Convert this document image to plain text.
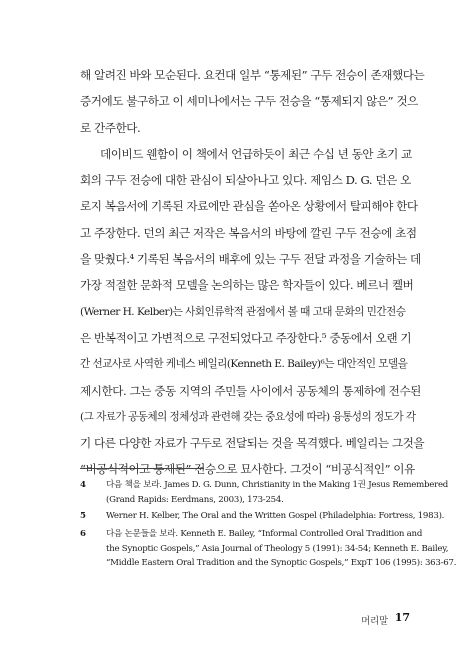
해 알려진 바와 모순된다. 요컨대 일부 “통제된” 구두 전승이 존재했다는
증거에도 불구하고 이 세미나에서는 구두 전승을 “통제되지 않은” 것으
로 간주한다.
데이비드 웬함이 이 책에서 언급하듯이 최근 수십 년 동안 초기 교
회의 구두 전승에 대한 관심이 되살아나고 있다. 제임스 D. G. 던은 오
로지 복음서에 기록된 자료에만 관심을 쏟아온 상황에서 탈피해야 한다
고 주장한다. 던의 최근 저작은 복음서의 바탕에 깔린 구두 전승에 초점
을 맞췄다.⁴ 기록된 복음서의 배후에 있는 구두 전달 과정을 기술하는 데
가장 적절한 문화적 모델을 논의하는 많은 학자들이 있다. 베르너 켈버
(Werner H. Kelber)는 사회인류학적 관점에서 볼 때 고대 문화의 민간전승
은 반복적이고 가변적으로 구전되었다고 주장한다.⁵ 중동에서 오랜 기
간 선교사로 사역한 케네스 베일리(Kenneth E. Bailey)⁶는 대안적인 모델을
제시한다. 그는 중동 지역의 주민들 사이에서 공동체의 통제하에 전수된
(그 자료가 공동체의 정체성과 관련해 갖는 중요성에 따라) 융통성의 정도가 각
기 다른 다양한 자료가 구두로 전달되는 것을 목격했다. 베일리는 그것을
“비공식적이고 통제된” 전승으로 묘사한다. 그것이 “비공식적인” 이유
4	다음 책을 보라. James D. G. Dunn, Christianity in the Making 1권 Jesus Remembered
(Grand Rapids: Eerdmans, 2003), 173-254.
5	Werner H. Kelber, The Oral and the Written Gospel (Philadelphia: Fortress, 1983).
6	다음 논문들을 보라. Kenneth E. Bailey, “Informal Controlled Oral Tradition and
the Synoptic Gospels,” Asia Journal of Theology 5 (1991): 34-54; Kenneth E. Bailey,
“Middle Eastern Oral Tradition and the Synoptic Gospels,” ExpT 106 (1995): 363-67.
머리말 17
